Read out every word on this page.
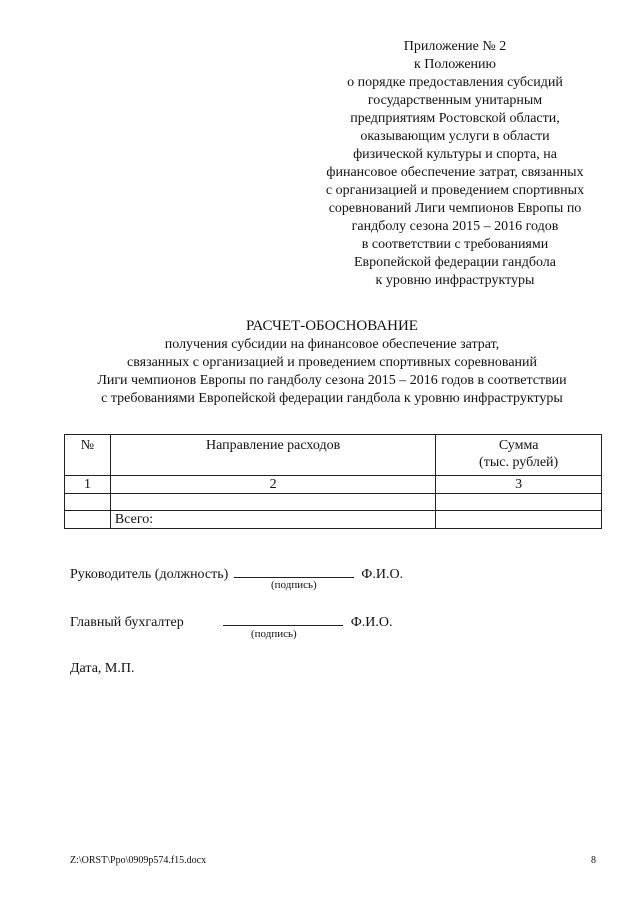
Приложение № 2
к Положению
о порядке предоставления субсидий
государственным унитарным
предприятиям Ростовской области,
оказывающим услуги в области
физической культуры и спорта, на
финансовое обеспечение затрат, связанных
с организацией и проведением спортивных
соревнований Лиги чемпионов Европы по
гандболу сезона 2015 – 2016 годов
в соответствии с требованиями
Европейской федерации гандбола
к уровню инфраструктуры
РАСЧЕТ-ОБОСНОВАНИЕ
получения субсидии на финансовое обеспечение затрат,
связанных с организацией и проведением спортивных соревнований
Лиги чемпионов Европы по гандболу сезона 2015 – 2016 годов в соответствии
с требованиями Европейской федерации гандбола к уровню инфраструктуры
№	Направление расходов	Сумма
(тыс. рублей)

1	2	3

	Всего:	
Руководитель (должность)	Ф.И.О.
(подпись)
Главный бухгалтер	Ф.И.О.
(подпись)
Дата, М.П.
Z:\ORST\Ppo\0909p574.f15.docx	8
